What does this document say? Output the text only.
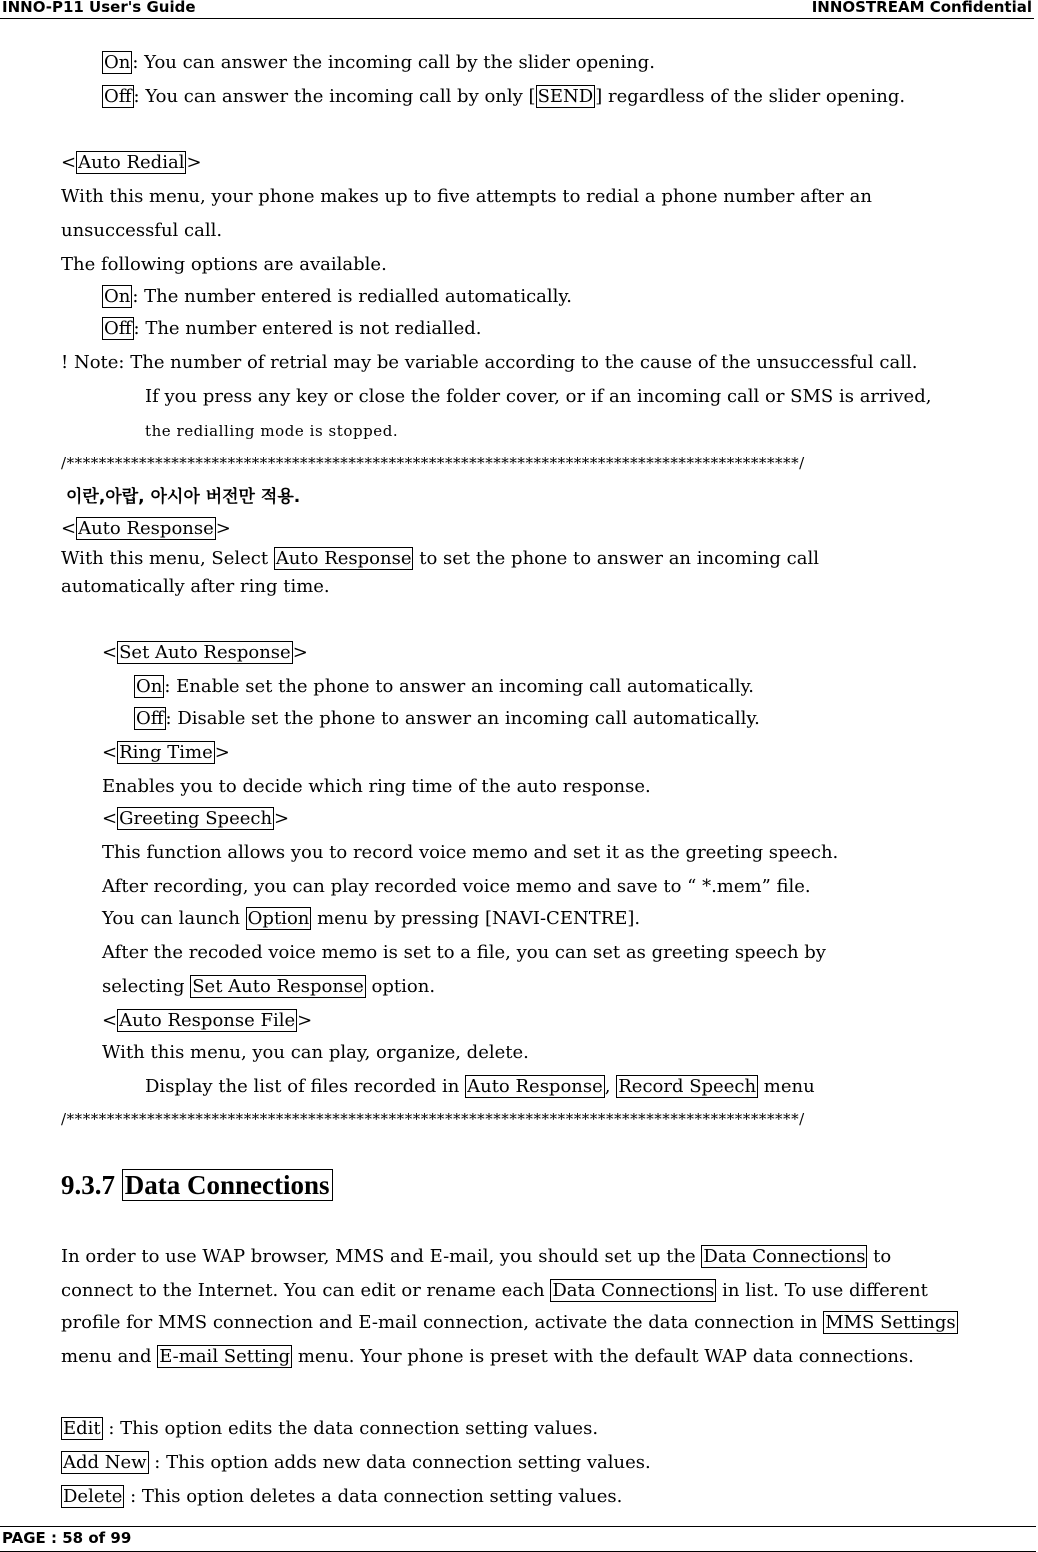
INNO-P11 User's Guide	INNOSTREAM Confidential
On : You can answer the incoming call by the slider opening.
Off : You can answer the incoming call by only [ SEND ] regardless of the slider opening.
< Auto Redial >
With this menu, your phone makes up to five attempts to redial a phone number after an
unsuccessful call.
The following options are available.
On : The number entered is redialled automatically.
Off : The number entered is not redialled.
! Note: The number of retrial may be variable according to the cause of the unsuccessful call.
If you press any key or close the folder cover, or if an incoming call or SMS is arrived,
the redialling mode is stopped.
/*******************************************************************************************/
이란,아랍, 아시아 버전만 적용.
< Auto Response >
With this menu, Select Auto Response to set the phone to answer an incoming call
automatically after ring time.
< Set Auto Response >
On : Enable set the phone to answer an incoming call automatically.
Off : Disable set the phone to answer an incoming call automatically.
< Ring Time >
Enables you to decide which ring time of the auto response.
< Greeting Speech >
This function allows you to record voice memo and set it as the greeting speech.
After recording, you can play recorded voice memo and save to “ *.mem” file.
You can launch Option menu by pressing [NAVI-CENTRE].
After the recoded voice memo is set to a file, you can set as greeting speech by
selecting Set Auto Response option.
< Auto Response File >
With this menu, you can play, organize, delete.
Display the list of files recorded in Auto Response , Record Speech menu
/*******************************************************************************************/
9.3.7 Data Connections
In order to use WAP browser, MMS and E-mail, you should set up the Data Connections to
connect to the Internet. You can edit or rename each Data Connections in list. To use different
profile for MMS connection and E-mail connection, activate the data connection in MMS Settings
menu and E-mail Setting menu. Your phone is preset with the default WAP data connections.
Edit : This option edits the data connection setting values.
Add New : This option adds new data connection setting values.
Delete : This option deletes a data connection setting values.
PAGE : 58 of 99
